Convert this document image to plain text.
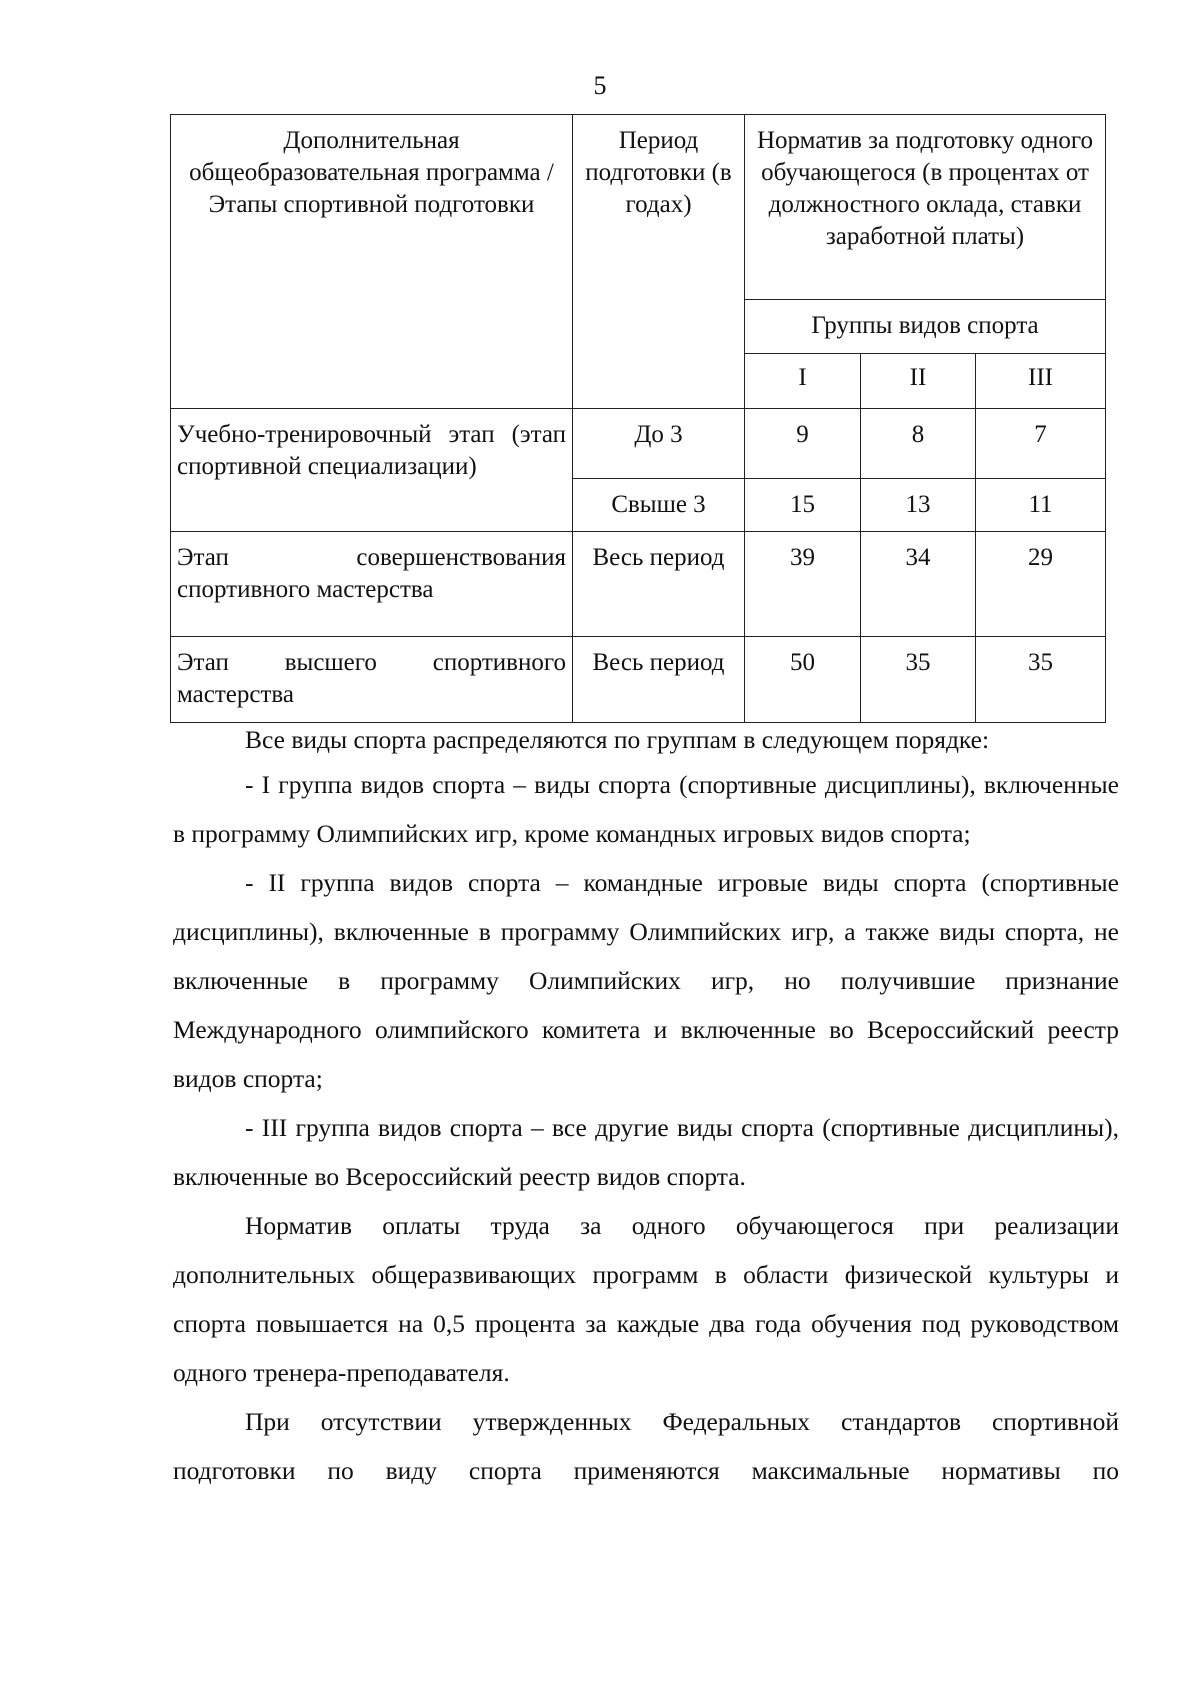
5
Дополнительная общеобразовательная программа /Этапы спортивной подготовки	Период подготовки (в годах)	Норматив за подготовку одного обучающегося (в процентах от должностного оклада, ставки заработной платы)		
		Группы видов спорта		
		I	II	III
Учебно-тренировочный этап (этап спортивной специализации)	До 3	9	8	7
	Свыше 3	15	13	11
Этап совершенствования спортивного мастерства	Весь период	39	34	29
Этап высшего спортивного мастерства	Весь период	50	35	35

Все виды спорта распределяются по группам в следующем порядке:

- I группа видов спорта – виды спорта (спортивные дисциплины), включенные в программу Олимпийских игр, кроме командных игровых видов спорта;

- II группа видов спорта – командные игровые виды спорта (спортивные дисциплины), включенные в программу Олимпийских игр, а также виды спорта, не включенные в программу Олимпийских игр, но получившие признание Международного олимпийского комитета и включенные во Всероссийский реестр видов спорта;

- III группа видов спорта – все другие виды спорта (спортивные дисциплины), включенные во Всероссийский реестр видов спорта.

Норматив оплаты труда за одного обучающегося при реализации дополнительных общеразвивающих программ в области физической культуры и спорта повышается на 0,5 процента за каждые два года обучения под руководством одного тренера-преподавателя.

При отсутствии утвержденных Федеральных стандартов спортивной подготовки по виду спорта применяются максимальные нормативы по
